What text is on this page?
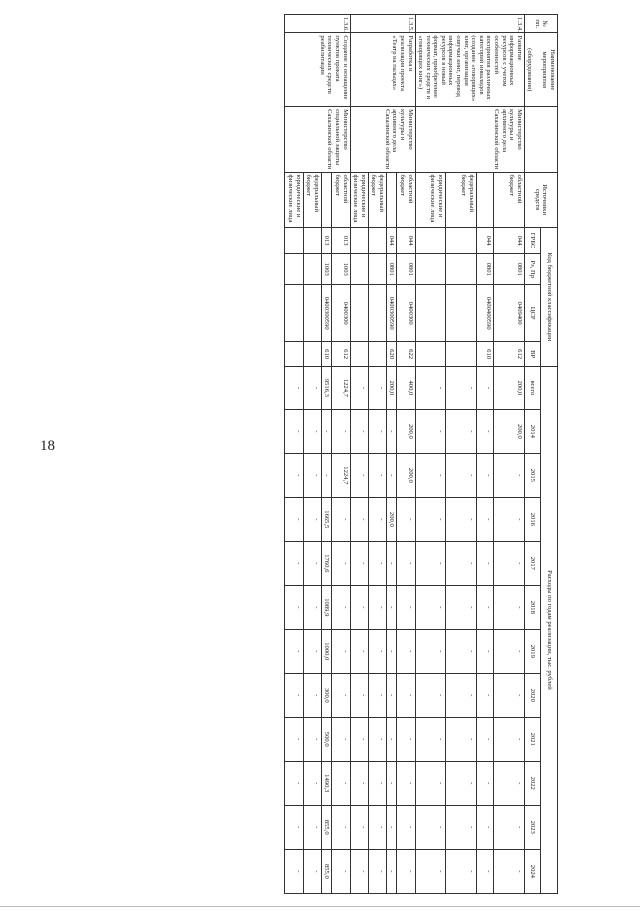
18
№ пп.	Наименование мероприятия

(оборудования)		Источники средств	Код бюджетной классификации				Расходы по годам реализации, тыс. рублей											
				ГРБС	Рз, Пр	ЦСР	ВР	всего	2014	2015	2016	2017	2018	2019	2020	2021	2022	2023	2024
1.3.4.	Развитие информационных ресурсов с учетом особенностей восприятия различных категорий инвалидов (создание «говорящих» книг, организация озвучки книг, перевод информационных ресурсов в новый формат, приобретение технических средств и «говорящих книг»)	Министерство культуры и архивного дела Сахалинской области	областной бюджет	044	0801	0409400	612	200,0	200,0	-	-	-	-	-	-	-	-	-	-
				044	0801	0400400590	610	-	-	-	-	-	-	-	-	-	-	-	-
			федеральный бюджет					-	-	-	-	-	-	-	-	-	-	-	-
			юридические и физические лица					-	-	-	-	-	-	-	-	-	-	-	-
1.3.5.	Разработка и реализация проекта «Театр на пальцах»	Министерство культуры и архивного дела Сахалинской области	областной бюджет	044	0801	0400300	622	400,0	200,0	200,0	-	-	-	-	-	-	-	-	-
				044	0801	0400300590	620	200,0	-	-	200,0	-	-	-	-	-	-	-	-
			федеральный бюджет					-	-	-	-	-	-	-	-	-	-	-	-
			юридические и физические лица					-	-	-	-	-	-	-	-	-	-	-	-
1.3.6.	Создание и оснащение пунктов проката технических средств реабилитации	Министерство социальной защиты Сахалинской области	областной бюджет	013	1003	0400300	612	1224,7	-	1224,7	-	-	-	-	-	-	-	-	-
				013	1003	0400300590	610	9516,3	-	-	1665,5	1760,6	1089,9	1000,0	300,0	500,0	1490,3	855,0	855,0
			федеральный бюджет					-	-	-	-	-	-	-	-	-	-	-	-
			юридические и физические лица					-	-	-	-	-	-	-	-	-	-	-	-
